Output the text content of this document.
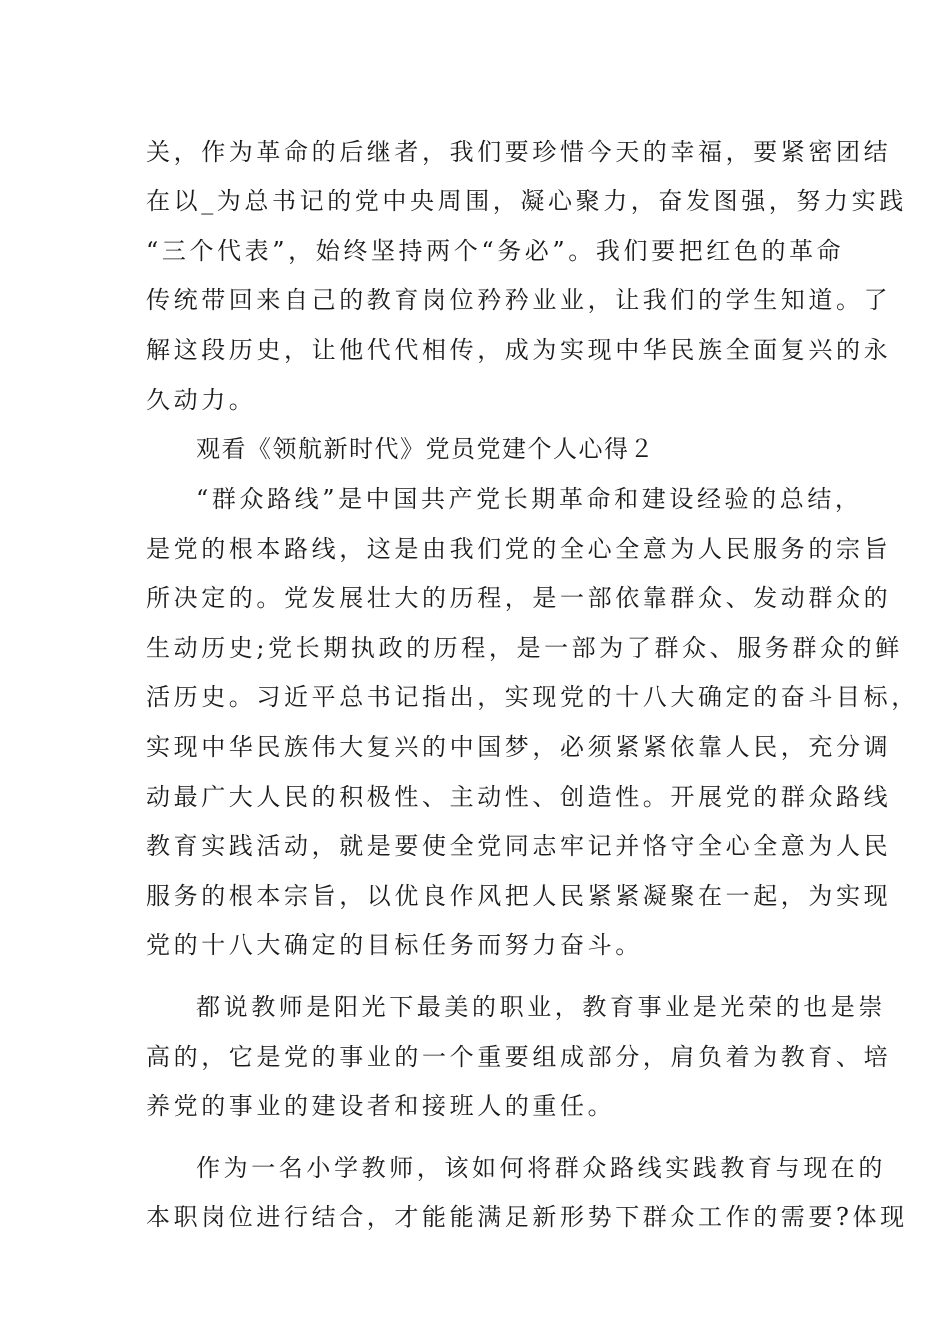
关，作为革命的后继者，我们要珍惜今天的幸福，要紧密团结
在以_为总书记的党中央周围，凝心聚力，奋发图强，努力实践
“三个代表”，始终坚持两个“务必”。我们要把红色的革命
传统带回来自己的教育岗位矜矜业业，让我们的学生知道。了
解这段历史，让他代代相传，成为实现中华民族全面复兴的永
久动力。
观看《领航新时代》党员党建个人心得２
“群众路线”是中国共产党长期革命和建设经验的总结，
是党的根本路线，这是由我们党的全心全意为人民服务的宗旨
所决定的。党发展壮大的历程，是一部依靠群众、发动群众的
生动历史;党长期执政的历程，是一部为了群众、服务群众的鲜
活历史。习近平总书记指出，实现党的十八大确定的奋斗目标，
实现中华民族伟大复兴的中国梦，必须紧紧依靠人民，充分调
动最广大人民的积极性、主动性、创造性。开展党的群众路线
教育实践活动，就是要使全党同志牢记并恪守全心全意为人民
服务的根本宗旨，以优良作风把人民紧紧凝聚在一起，为实现
党的十八大确定的目标任务而努力奋斗。
都说教师是阳光下最美的职业，教育事业是光荣的也是崇
高的，它是党的事业的一个重要组成部分，肩负着为教育、培
养党的事业的建设者和接班人的重任。
作为一名小学教师，该如何将群众路线实践教育与现在的
本职岗位进行结合，才能能满足新形势下群众工作的需要?体现
